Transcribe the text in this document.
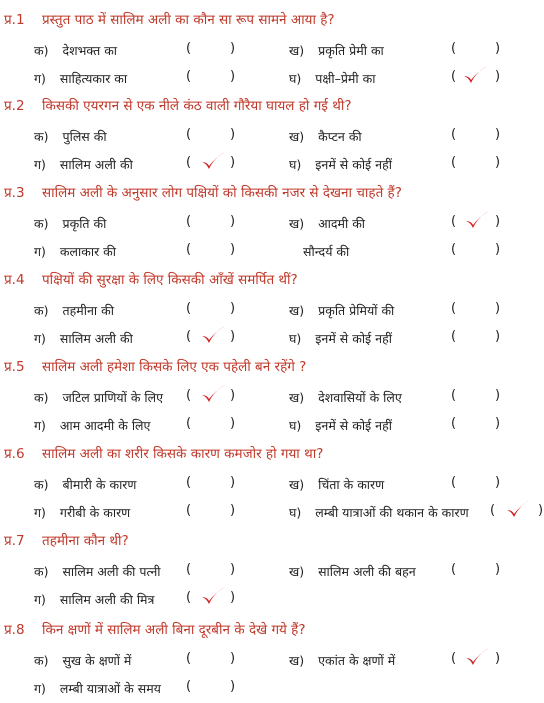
प्र.1 प्रस्तुत पाठ में सालिम अली का कौन सा रूप सामने आया है?
क) देशभक्त का	(	)	ख) प्रकृति प्रेमी का	(	)
ग) साहित्यकार का	(	)	घ) पक्षी–प्रेमी का	(	)
प्र.2 किसकी एयरगन से एक नीले कंठ वाली गौरैया घायल हो गई थी?
क) पुलिस की	(	)	ख) कैप्टन की	(	)
ग) सालिम अली की	(	)	घ) इनमें से कोई नहीं	(	)
प्र.3 सालिम अली के अनुसार लोग पक्षियों को किसकी नजर से देखना चाहते हैं?
क) प्रकृति की	(	)	ख) आदमी की	(	)
ग) कलाकार की	(	)	सौन्दर्य की	(	)
प्र.4 पक्षियों की सुरक्षा के लिए किसकी आँखें समर्पित थीं?
क) तहमीना की	(	)	ख) प्रकृति प्रेमियों की	(	)
ग) सालिम अली की	(	)	घ) इनमें से कोई नहीं	(	)
प्र.5 सालिम अली हमेशा किसके लिए एक पहेली बने रहेंगे ?
क) जटिल प्राणियों के लिए (	)	ख) देशवासियों के लिए	(	)
ग) आम आदमी के लिए	(	)	घ) इनमें से कोई नहीं	(	)
प्र.6 सालिम अली का शरीर किसके कारण कमजोर हो गया था?
क) बीमारी के कारण	(	)	ख) चिंता के कारण	(	)
ग) गरीबी के कारण	(	)	घ) लम्बी यात्राओं की थकान के कारण (	)
प्र.7 तहमीना कौन थी?
क) सालिम अली की पत्नी (	)	ख) सालिम अली की बहन	(	)
ग) सालिम अली की मित्र (	)
प्र.8 किन क्षणों में सालिम अली बिना दूरबीन के देखे गये हैं?
क) सुख के क्षणों में	(	)	ख) एकांत के क्षणों में	(	)
ग) लम्बी यात्राओं के समय (	)
